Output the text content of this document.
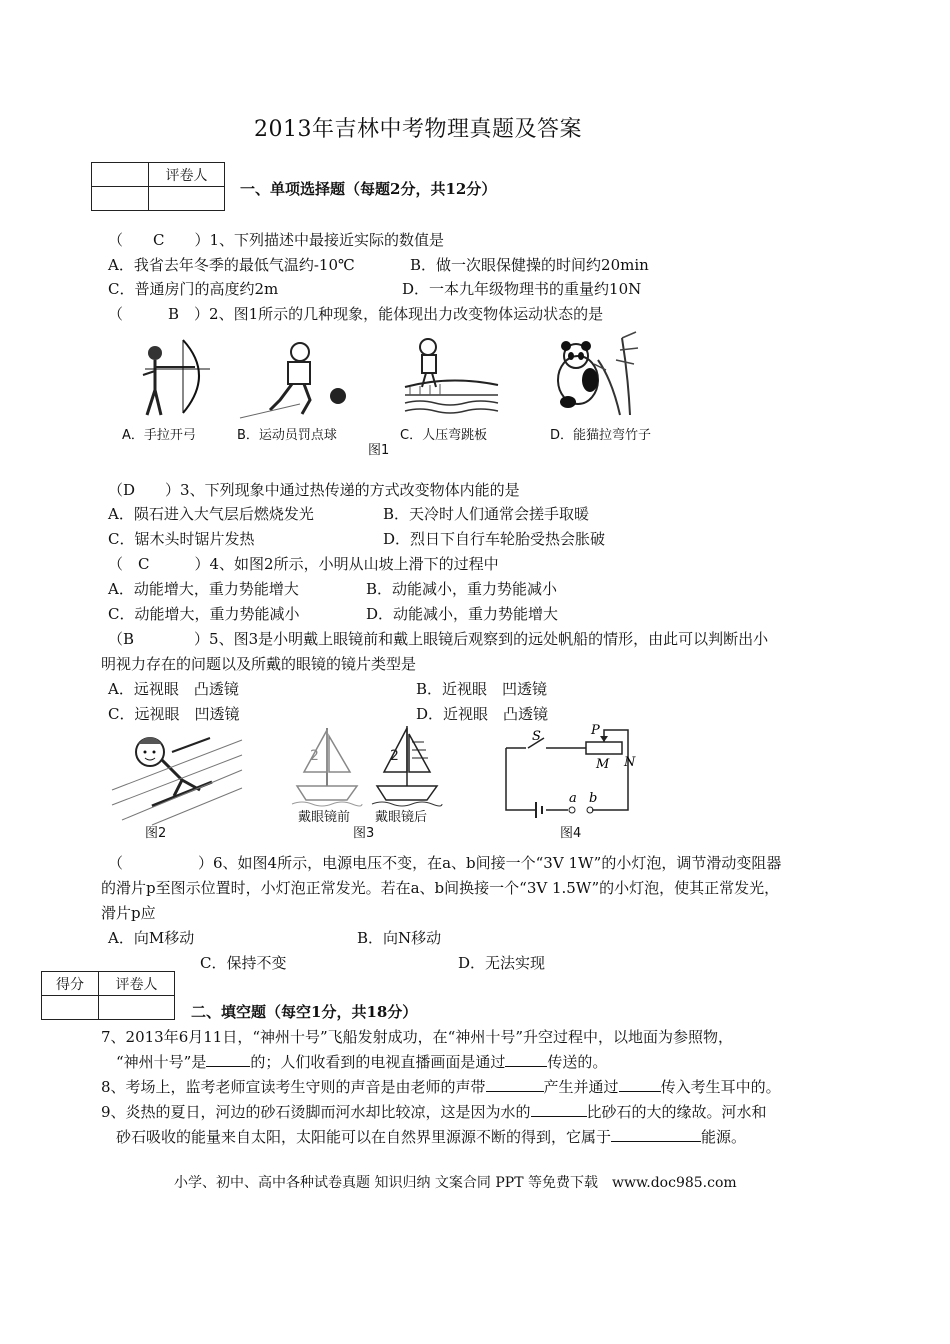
2013年吉林中考物理真题及答案
	评卷人

一、单项选择题（每题2分，共12分）
（　　C　　）1、下列描述中最接近实际的数值是
A．我省去年冬季的最低气温约-10℃	B．做一次眼保健操的时间约20min
C．普通房门的高度约2m	D．一本九年级物理书的重量约10N
（　　　B　）2、图1所示的几种现象，能体现出力改变物体运动状态的是
A．手拉开弓	B．运动员罚点球	C．人压弯跳板	D．能猫拉弯竹子
图1
（D　　）3、下列现象中通过热传递的方式改变物体内能的是
A．陨石进入大气层后燃烧发光	B．天冷时人们通常会搓手取暖
C．锯木头时锯片发热	D．烈日下自行车轮胎受热会胀破
（　C　　　）4、如图2所示，小明从山坡上滑下的过程中
A．动能增大，重力势能增大	B．动能减小，重力势能减小
C．动能增大，重力势能减小	D．动能减小，重力势能增大
（B　　　　）5、图3是小明戴上眼镜前和戴上眼镜后观察到的远处帆船的情形，由此可以判断出小
明视力存在的问题以及所戴的眼镜的镜片类型是
A．远视眼　凸透镜	B．近视眼　凹透镜
C．远视眼　凹透镜	D．近视眼　凸透镜
图2
2	2
戴眼镜前 戴眼镜后
图3
S	P
M N
a b
图4
（　　　　　）6、如图4所示，电源电压不变，在a、b间接一个“3V 1W”的小灯泡，调节滑动变阻器
的滑片p至图示位置时，小灯泡正常发光。若在a、b间换接一个“3V 1.5W”的小灯泡，使其正常发光，
滑片p应
A．向M移动	B．向N移动
C．保持不变	D．无法实现
得分	评卷人

二、填空题（每空1分，共18分）
7、2013年6月11日，“神州十号”飞船发射成功，在“神州十号”升空过程中，以地面为参照物，
“神州十号”是	的；人们收看到的电视直播画面是通过	传送的。
8、考场上，监考老师宣读考生守则的声音是由老师的声带	产生并通过	传入考生耳中的。
9、炎热的夏日，河边的砂石烫脚而河水却比较凉，这是因为水的	比砂石的大的缘故。河水和
砂石吸收的能量来自太阳，太阳能可以在自然界里源源不断的得到，它属于	能源。
小学、初中、高中各种试卷真题 知识归纳 文案合同 PPT 等免费下载　www.doc985.com
